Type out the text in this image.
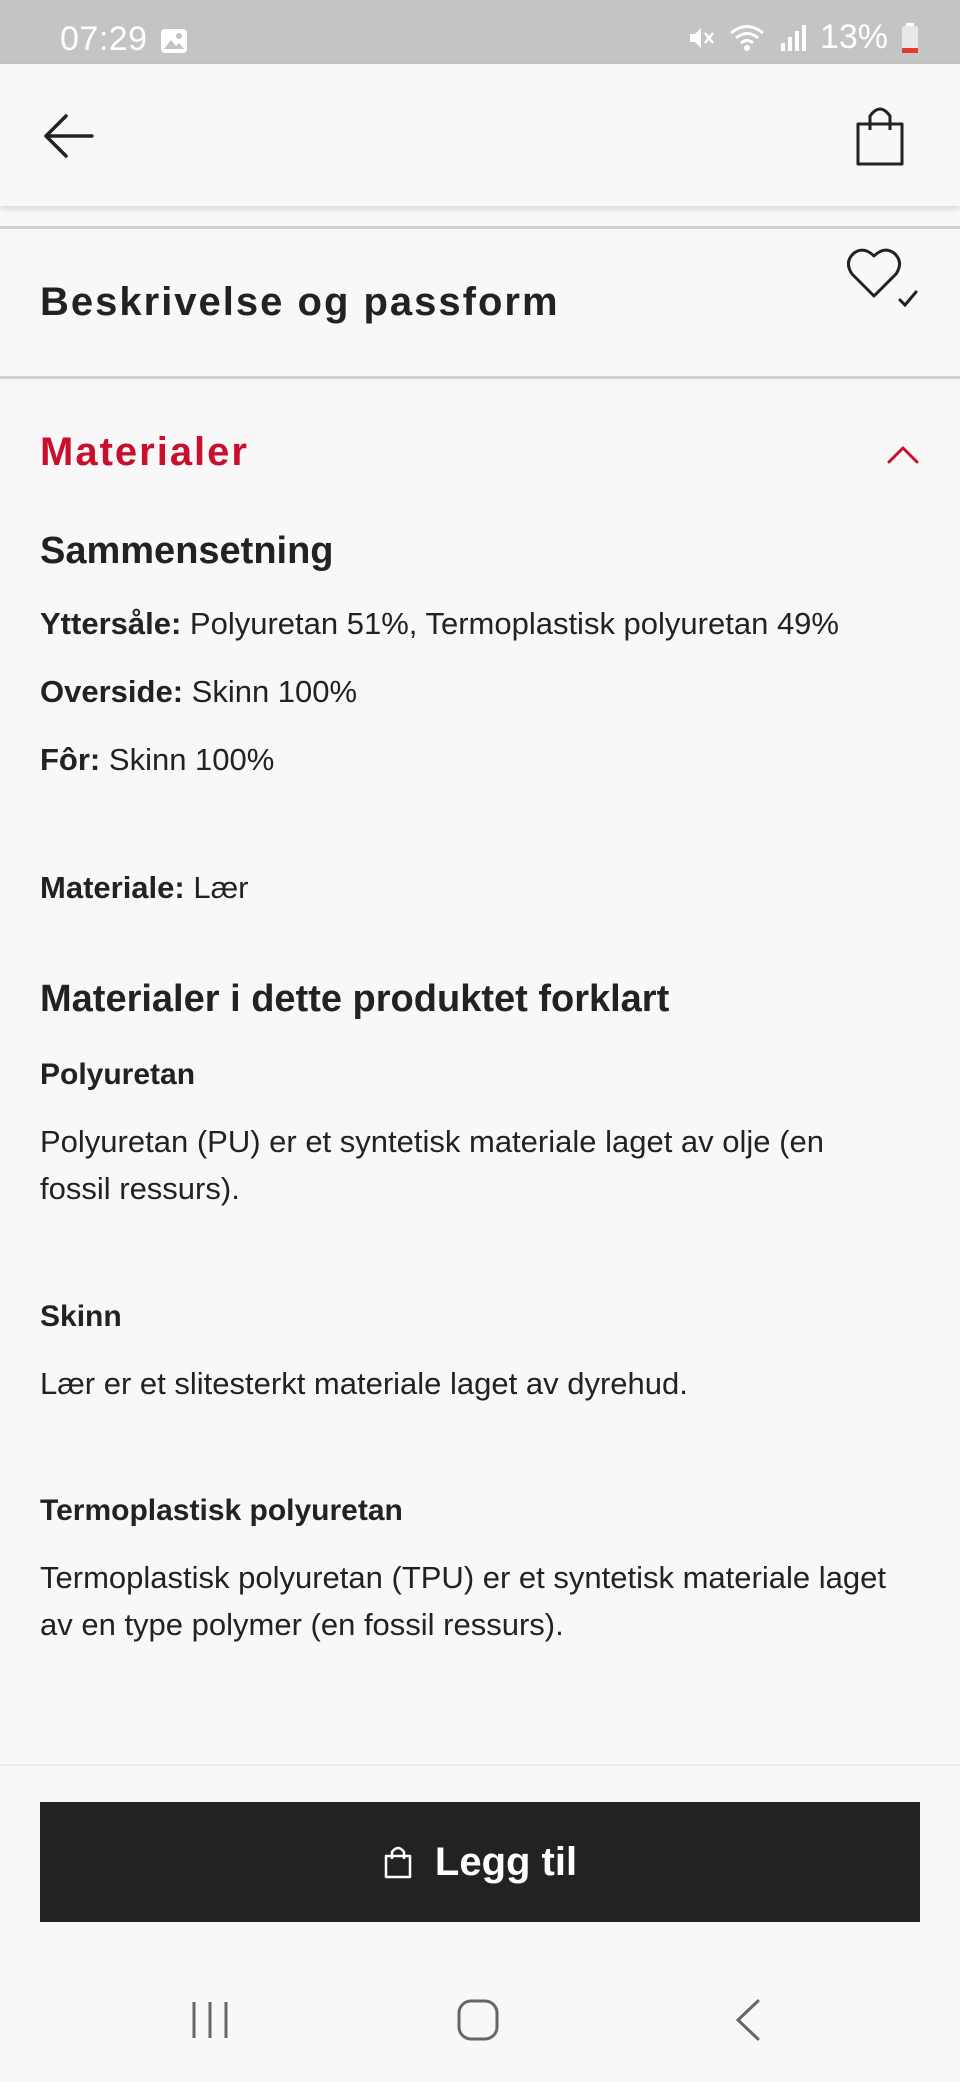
07:29	13%
Beskrivelse og passform
Materialer
Sammensetning
Yttersåle: Polyuretan 51%, Termoplastisk polyuretan 49%
Overside: Skinn 100%
Fôr: Skinn 100%
Materiale: Lær
Materialer i dette produktet forklart
Polyuretan
Polyuretan (PU) er et syntetisk materiale laget av olje (en fossil ressurs).
Skinn
Lær er et slitesterkt materiale laget av dyrehud.
Termoplastisk polyuretan
Termoplastisk polyuretan (TPU) er et syntetisk materiale laget av en type polymer (en fossil ressurs).
Legg til
